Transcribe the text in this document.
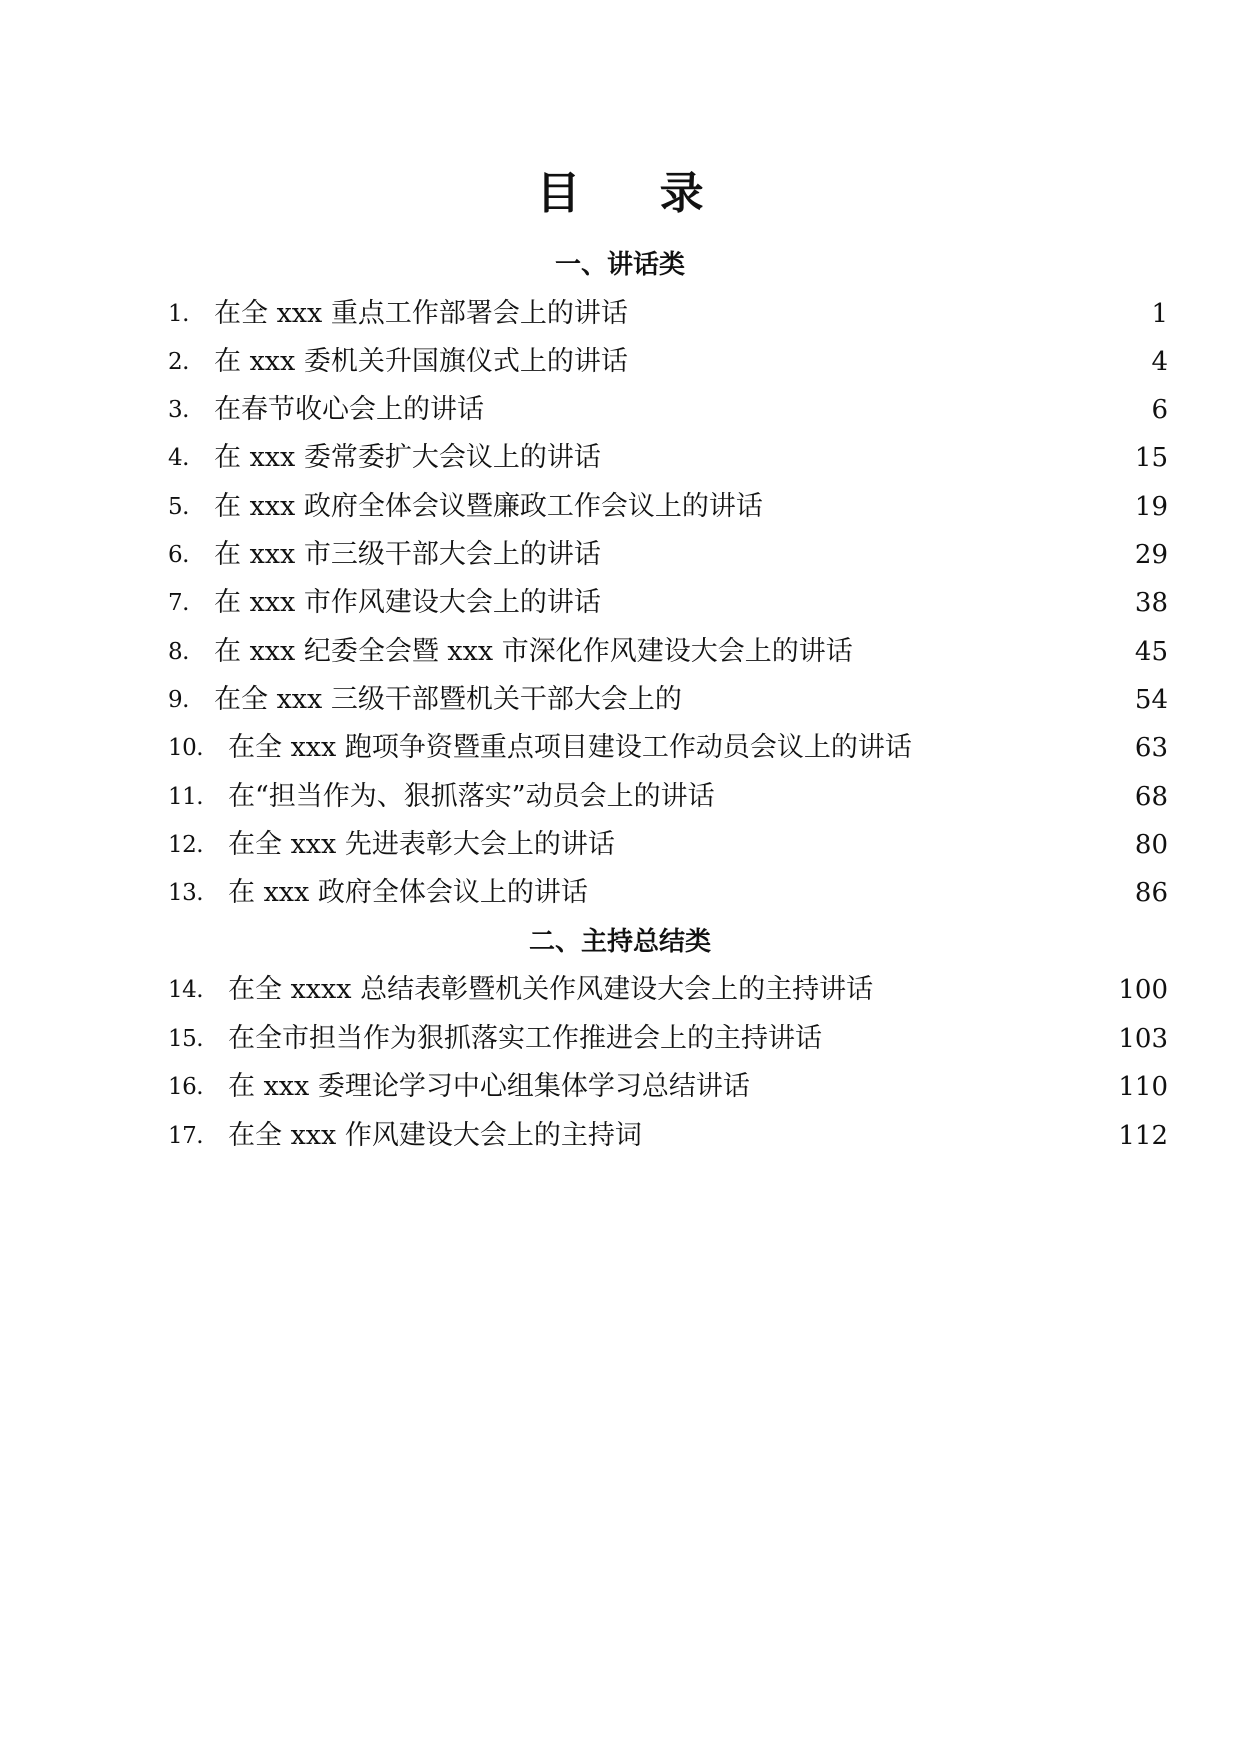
目 录
一、讲话类
1. 在全 xxx 重点工作部署会上的讲话	1
2. 在 xxx 委机关升国旗仪式上的讲话	4
3. 在春节收心会上的讲话	6
4. 在 xxx 委常委扩大会议上的讲话	15
5. 在 xxx 政府全体会议暨廉政工作会议上的讲话	19
6. 在 xxx 市三级干部大会上的讲话	29
7. 在 xxx 市作风建设大会上的讲话	38
8. 在 xxx 纪委全会暨 xxx 市深化作风建设大会上的讲话	45
9. 在全 xxx 三级干部暨机关干部大会上的	54
10. 在全 xxx 跑项争资暨重点项目建设工作动员会议上的讲话	63
11. 在“担当作为、狠抓落实”动员会上的讲话	68
12. 在全 xxx 先进表彰大会上的讲话	80
13. 在 xxx 政府全体会议上的讲话	86
二、主持总结类
14. 在全 xxxx 总结表彰暨机关作风建设大会上的主持讲话	100
15. 在全市担当作为狠抓落实工作推进会上的主持讲话	103
16. 在 xxx 委理论学习中心组集体学习总结讲话	110
17. 在全 xxx 作风建设大会上的主持词	112
